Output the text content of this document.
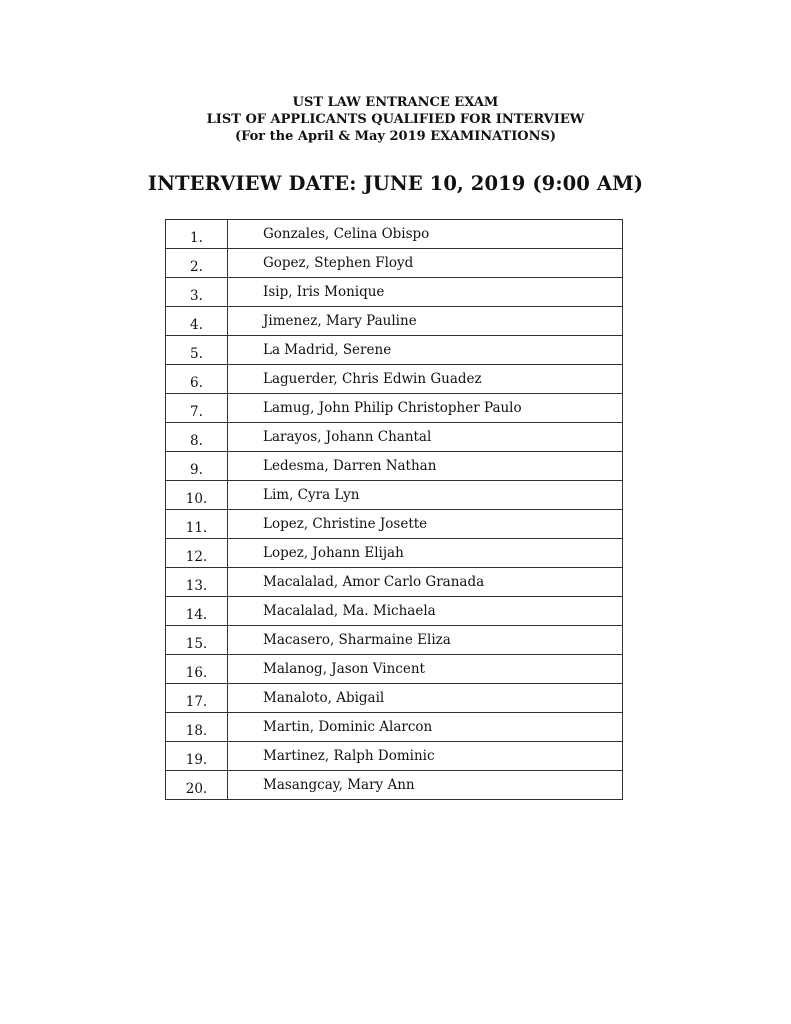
UST LAW ENTRANCE EXAM
LIST OF APPLICANTS QUALIFIED FOR INTERVIEW
(For the April & May 2019 EXAMINATIONS)
INTERVIEW DATE: JUNE 10, 2019 (9:00 AM)
1.	Gonzales, Celina Obispo
2.	Gopez, Stephen Floyd
3.	Isip, Iris Monique
4.	Jimenez, Mary Pauline
5.	La Madrid, Serene
6.	Laguerder, Chris Edwin Guadez
7.	Lamug, John Philip Christopher Paulo
8.	Larayos, Johann Chantal
9.	Ledesma, Darren Nathan
10.	Lim, Cyra Lyn
11.	Lopez, Christine Josette
12.	Lopez, Johann Elijah
13.	Macalalad, Amor Carlo Granada
14.	Macalalad, Ma. Michaela
15.	Macasero, Sharmaine Eliza
16.	Malanog, Jason Vincent
17.	Manaloto, Abigail
18.	Martin, Dominic Alarcon
19.	Martinez, Ralph Dominic
20.	Masangcay, Mary Ann
